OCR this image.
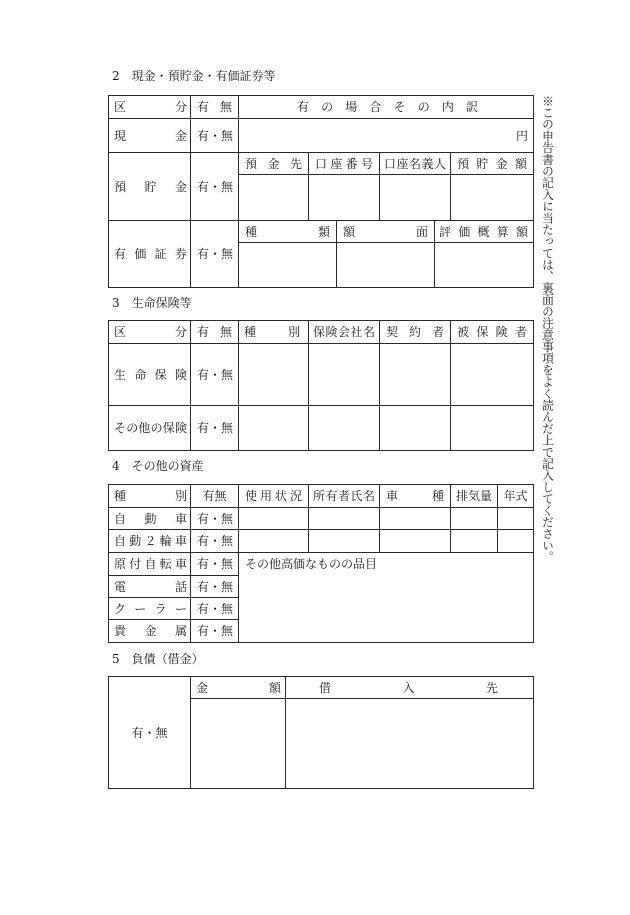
2　現金・預貯金・有価証券等
区分	有無	有の場合その内訳					
現金	有・無	円					
預貯金	有・無	預金先	口座番号		口座名義人		預貯金額

有価証券	有・無	種類		額面		評価概算額	

3　生命保険等
区分	有無	種別	保険会社名	契約者	被保険者
生命保険	有・無				
その他の保険	有・無				
4　その他の資産
種別	有無	使用状況	所有者氏名	車種	排気量	年式
自動車	有・無					
自動２輪車	有・無					
原付自転車	有・無	その他高価なものの品目				
電話	有・無					
クーラー	有・無					
貴金属	有・無					
5　負債（借金）
有・無	金額	借入先

※この申告書の記入に当たっては、裏面の注意事項をよく読んだ上で記入してください。
